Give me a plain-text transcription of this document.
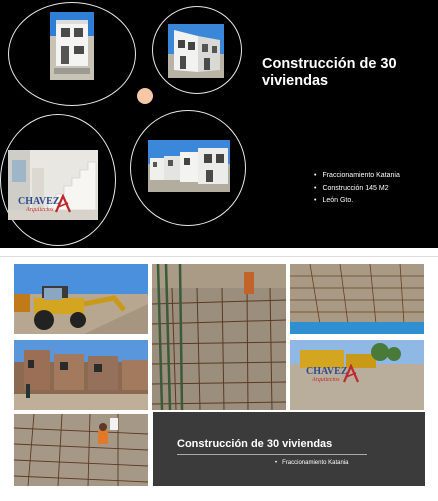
CHAVEZ
Arquitectos
Construcción de 30 viviendas
• Fraccionamiento Katania
• Construcción 145 M2
• León Gto.
CHAVEZ
Arquitectos
Construcción de 30 viviendas
• Fraccionamiento Katania
